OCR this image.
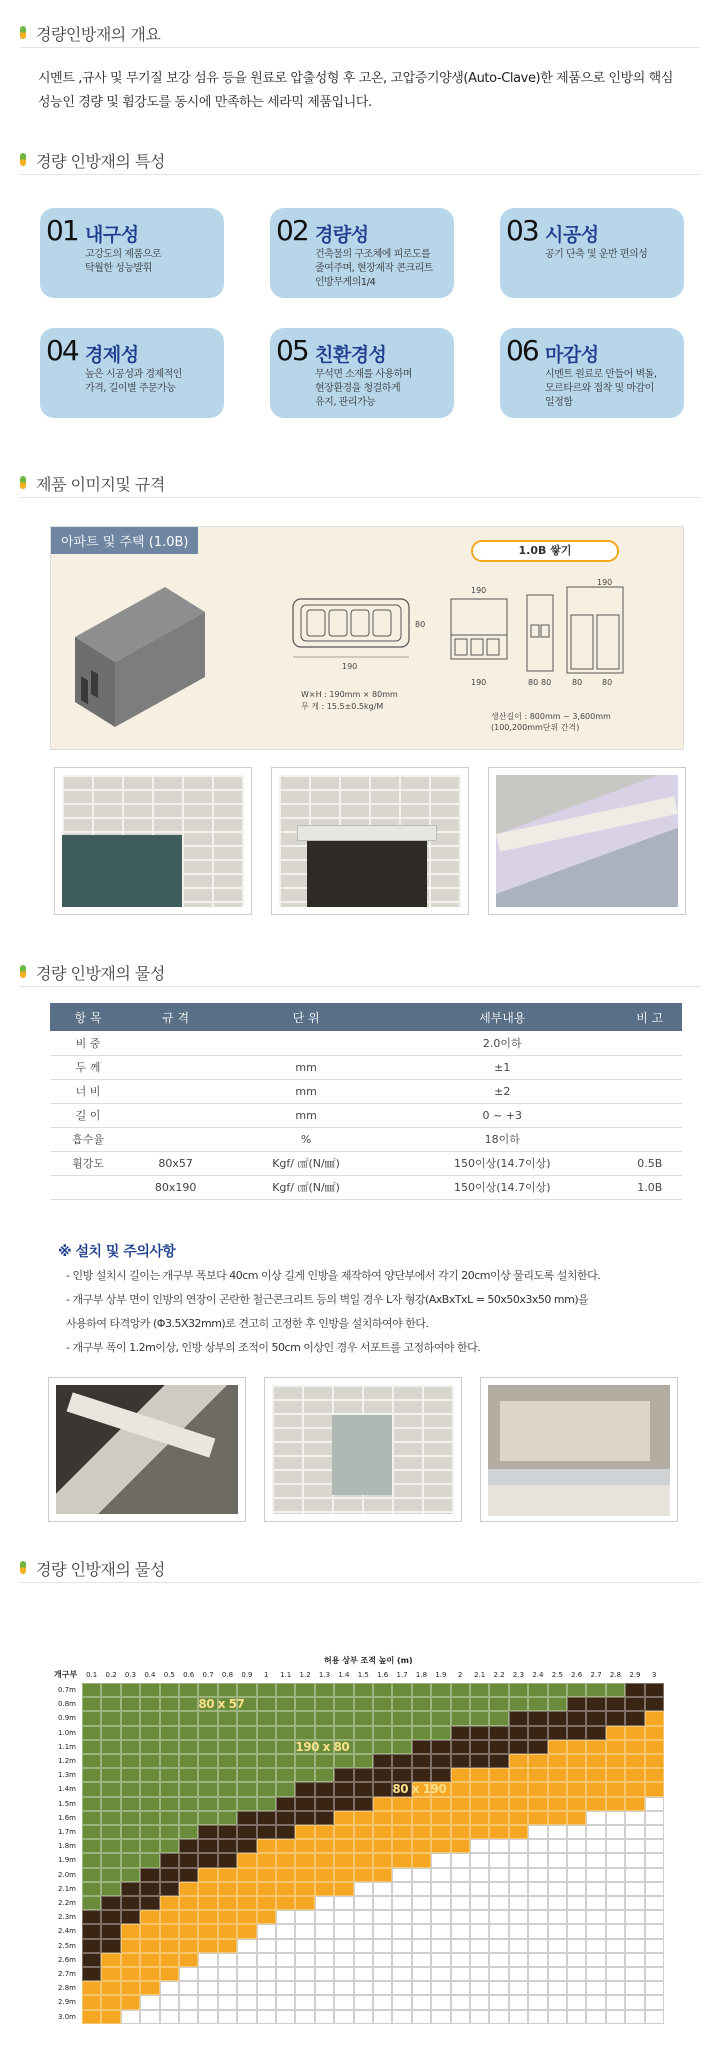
경량인방재의 개요

시멘트 ,규사 및 무기질 보강 섬유 등을 원료로 압출성형 후 고온, 고압증기양생(Auto-Clave)한 제품으로 인방의 핵심 성능인 경량 및 휨강도를 동시에 만족하는 세라믹 제품입니다.

경량 인방재의 특성
01 내구성
고강도의 제품으로
탁월한 성능발휘
02 경량성
건축물의 구조체에 피로도를
줄여주며, 현장제작 콘크리트
인방무게의1/4
03 시공성
공기 단축 및 운반 편의성
04 경제성
높은 시공성과 경제적인
가격, 길이별 주문가능
05 친환경성
무석면 소재를 사용하며
현장환경을 청결하게
유지, 관리가능
06 마감성
시멘트 원료로 만들어 벽돌,
모르타르와 접착 및 마감이
일정함
제품 이미지및 규격
아파트 및 주택 (1.0B)
1.0B 쌓기
190
80
W×H : 190mm × 80mm
무 게 : 15.5±0.5kg/M
190
190	80 80	80 80
190
생산길이 : 800mm ~ 3,600mm
(100,200mm단위 간격)
경량 인방재의 물성
항 목	규 격	단 위	세부내용	비 고
비 중			2.0이하	
두 께		mm	±1	
너 비		mm	±2	
길 이		mm	0 ~ +3	
흡수율		%	18이하	
휨강도	80x57	Kgf/ ㎠(N/㎟)	150이상(14.7이상)	0.5B
	80x190	Kgf/ ㎠(N/㎟)	150이상(14.7이상)	1.0B
※ 설치 및 주의사항
- 인방 설치시 길이는 개구부 폭보다 40cm 이상 길게 인방을 제작하여 양단부에서 각기 20cm이상 물리도록 설치한다.
- 개구부 상부 면이 인방의 연장이 곤란한 철근콘크리트 등의 벽일 경우 L자 형강(AxBxTxL = 50x50x3x50 mm)을
사용하여 타격앙카 (Φ3.5X32mm)로 견고히 고정한 후 인방을 설치하여야 한다.
- 개구부 폭이 1.2m이상, 인방 상부의 조적이 50cm 이상인 경우 서포트를 고정하여야 한다.
경량 인방재의 물성
허용 상부 조적 높이 (m)
개구부	0.1	0.2	0.3	0.4	0.5	0.6	0.7	0.8	0.9	1	1.1	1.2	1.3	1.4	1.5	1.6	1.7	1.8	1.9	2	2.1	2.2	2.3	2.4	2.5	2.6	2.7	2.8	2.9	3
0.7m
0.8m
0.9m
1.0m
1.1m
1.2m
1.3m
1.4m
1.5m
1.6m
1.7m
1.8m
1.9m
2.0m
2.1m
2.2m
2.3m
2.4m
2.5m
2.6m
2.7m
2.8m
2.9m
3.0m
80 x 57
190 x 80
80 x 190
